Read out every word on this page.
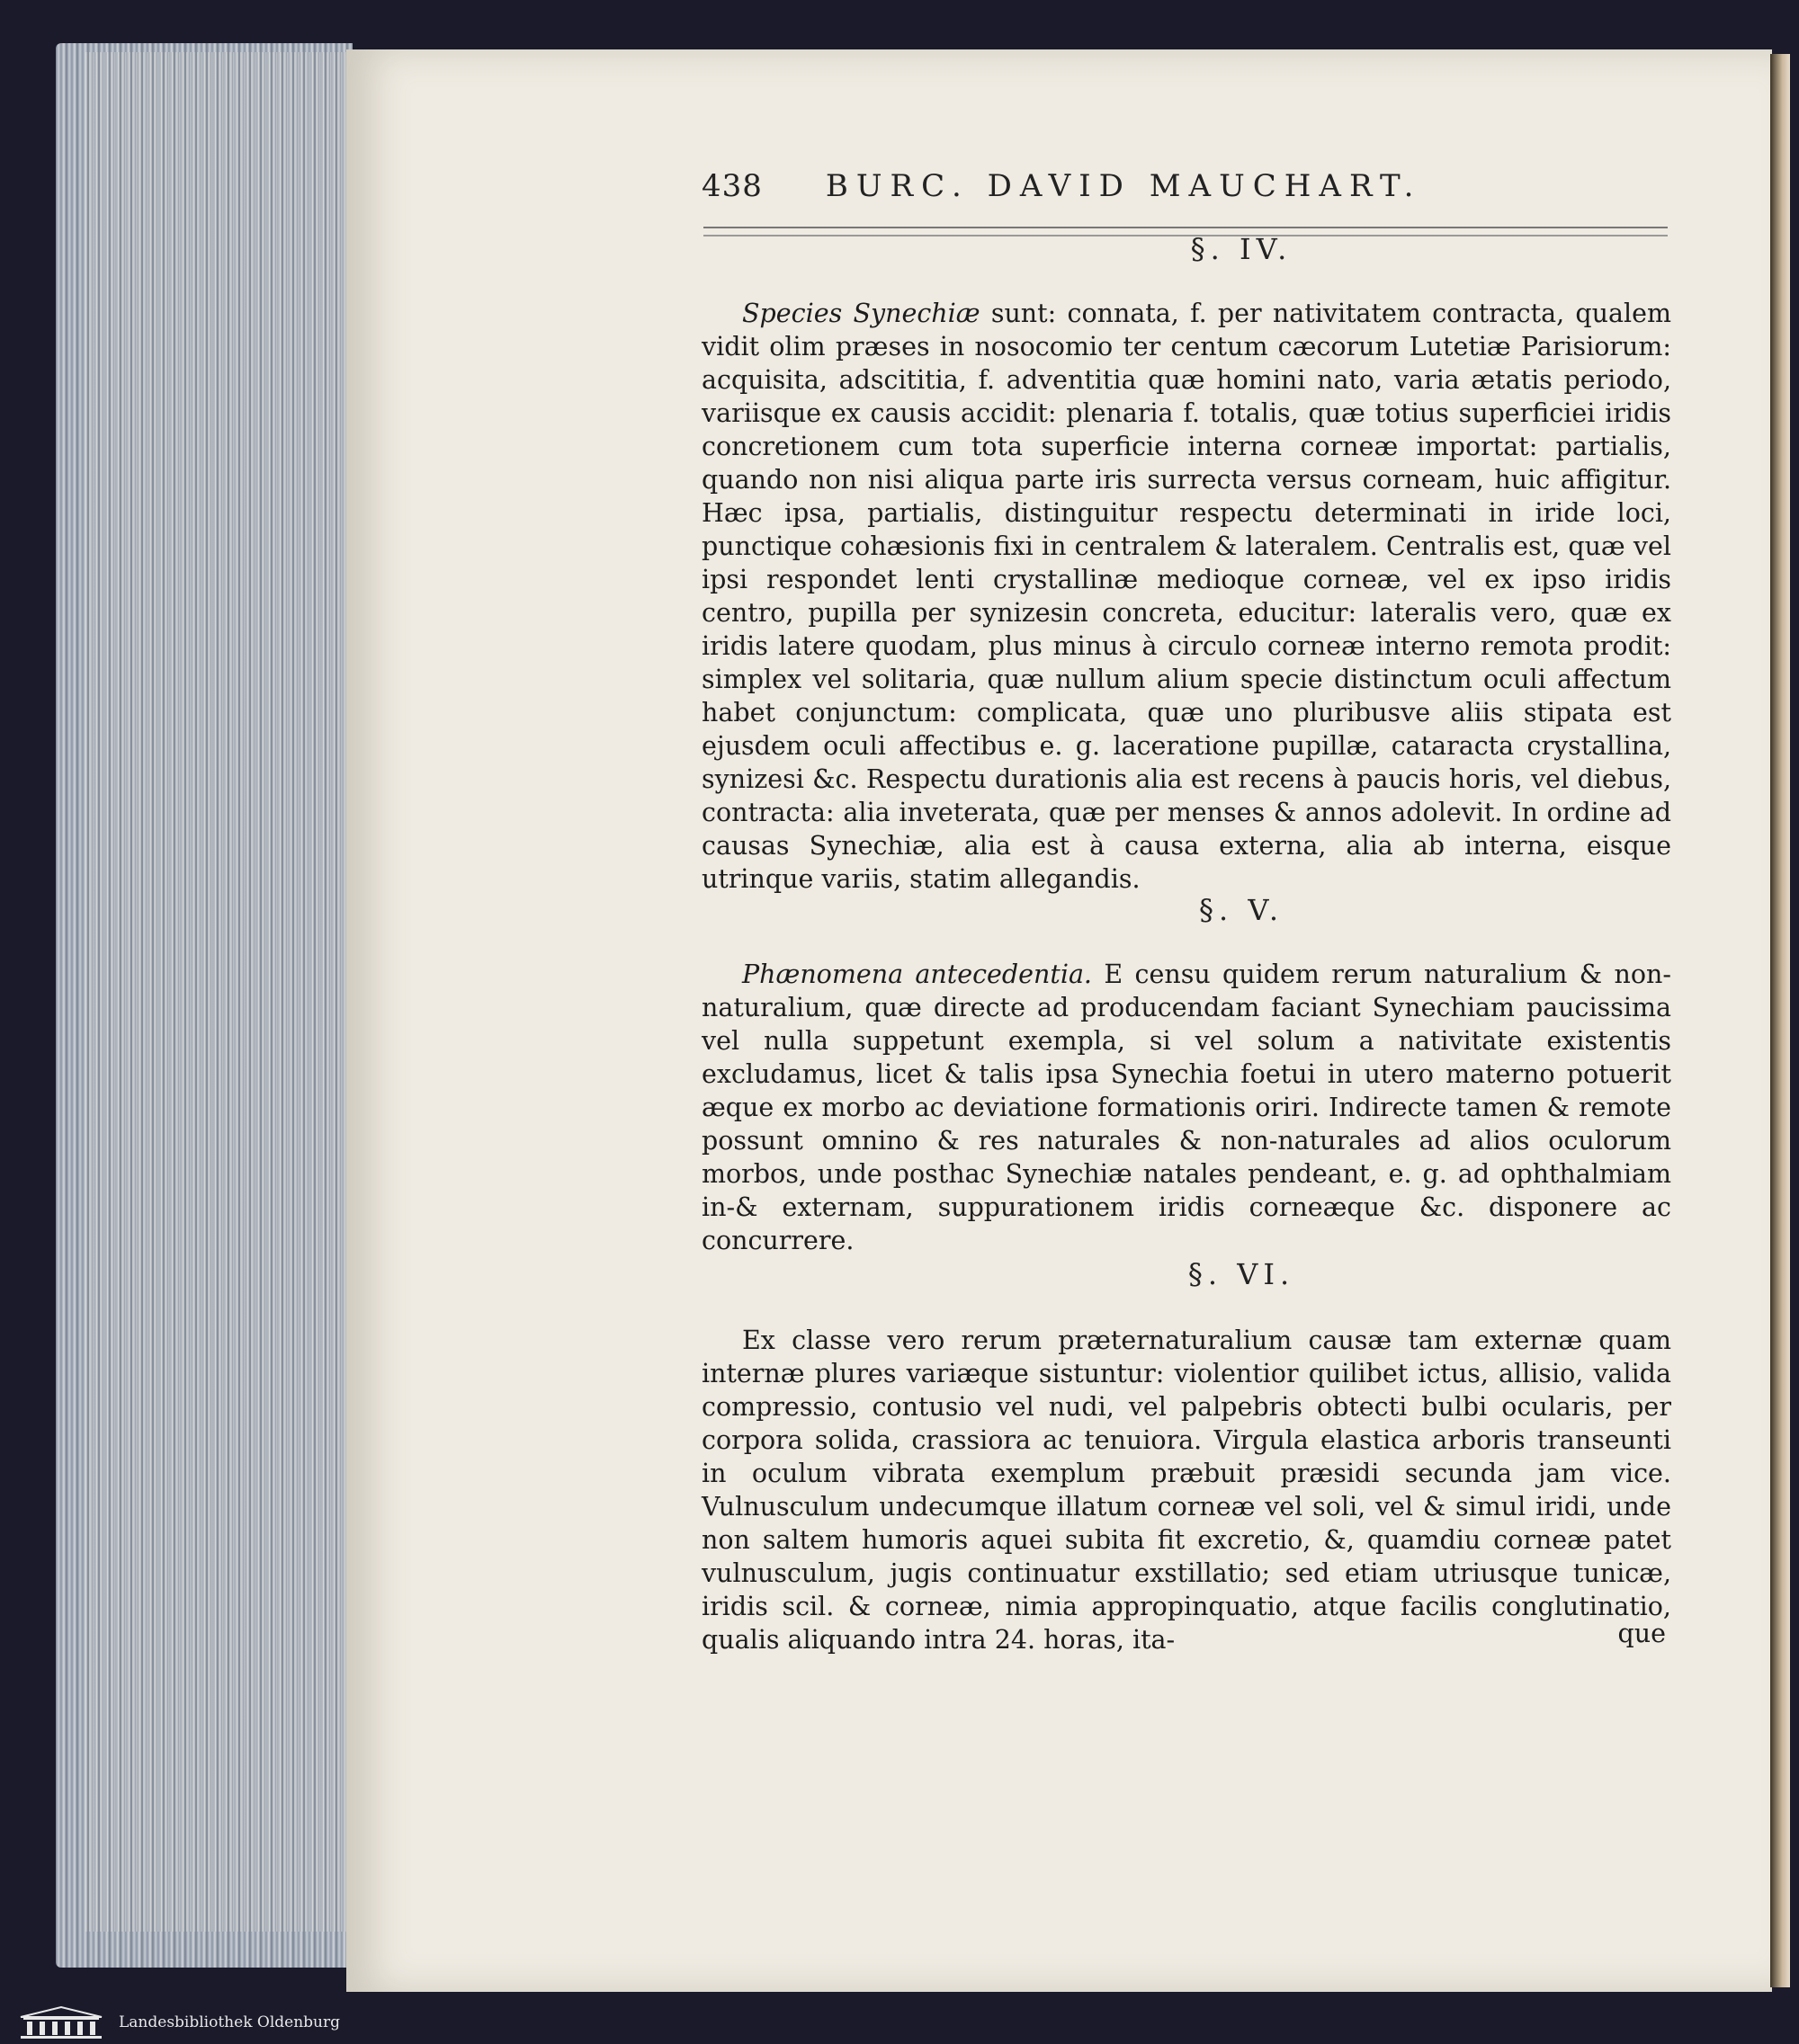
438 BURC. DAVID MAUCHART.
§. IV.
Species Synechiæ sunt: connata, f. per nativitatem contracta, qualem vidit olim præses in nosocomio ter centum cæcorum Lutetiæ Parisiorum: acquisita, adscititia, f. adventitia quæ homini nato, varia ætatis periodo, variisque ex causis accidit: plenaria f. totalis, quæ totius superficiei iridis concretionem cum tota superficie interna corneæ importat: partialis, quando non nisi aliqua parte iris surrecta versus corneam, huic affigitur. Hæc ipsa, partialis, distinguitur respectu determinati in iride loci, punctique cohæsionis fixi in centralem & lateralem. Centralis est, quæ vel ipsi respondet lenti crystallinæ medioque corneæ, vel ex ipso iridis centro, pupilla per synizesin concreta, educitur: lateralis vero, quæ ex iridis latere quodam, plus minus à circulo corneæ interno remota prodit: simplex vel solitaria, quæ nullum alium specie distinctum oculi affectum habet conjunctum: complicata, quæ uno pluribusve aliis stipata est ejusdem oculi affectibus e. g. laceratione pupillæ, cataracta crystallina, synizesi &c. Respectu durationis alia est recens à paucis horis, vel diebus, contracta: alia inveterata, quæ per menses & annos adolevit. In ordine ad causas Synechiæ, alia est à causa externa, alia ab interna, eisque utrinque variis, statim allegandis.
§. V.
Phænomena antecedentia. E censu quidem rerum naturalium & non-naturalium, quæ directe ad producendam faciant Synechiam paucissima vel nulla suppetunt exempla, si vel solum a nativitate existentis excludamus, licet & talis ipsa Synechia foetui in utero materno potuerit æque ex morbo ac deviatione formationis oriri. Indirecte tamen & remote possunt omnino & res naturales & non-naturales ad alios oculorum morbos, unde posthac Synechiæ natales pendeant, e. g. ad ophthalmiam in-& externam, suppurationem iridis corneæque &c. disponere ac concurrere.
§. VI.
Ex classe vero rerum præternaturalium causæ tam externæ quam internæ plures variæque sistuntur: violentior quilibet ictus, allisio, valida compressio, contusio vel nudi, vel palpebris obtecti bulbi ocularis, per corpora solida, crassiora ac tenuiora. Virgula elastica arboris transeunti in oculum vibrata exemplum præbuit præsidi secunda jam vice. Vulnusculum undecumque illatum corneæ vel soli, vel & simul iridi, unde non saltem humoris aquei subita fit excretio, &, quamdiu corneæ patet vulnusculum, jugis continuatur exstillatio; sed etiam utriusque tunicæ, iridis scil. & corneæ, nimia appropinquatio, atque facilis conglutinatio, qualis aliquando intra 24. horas, ita-	que
Landesbibliothek Oldenburg
